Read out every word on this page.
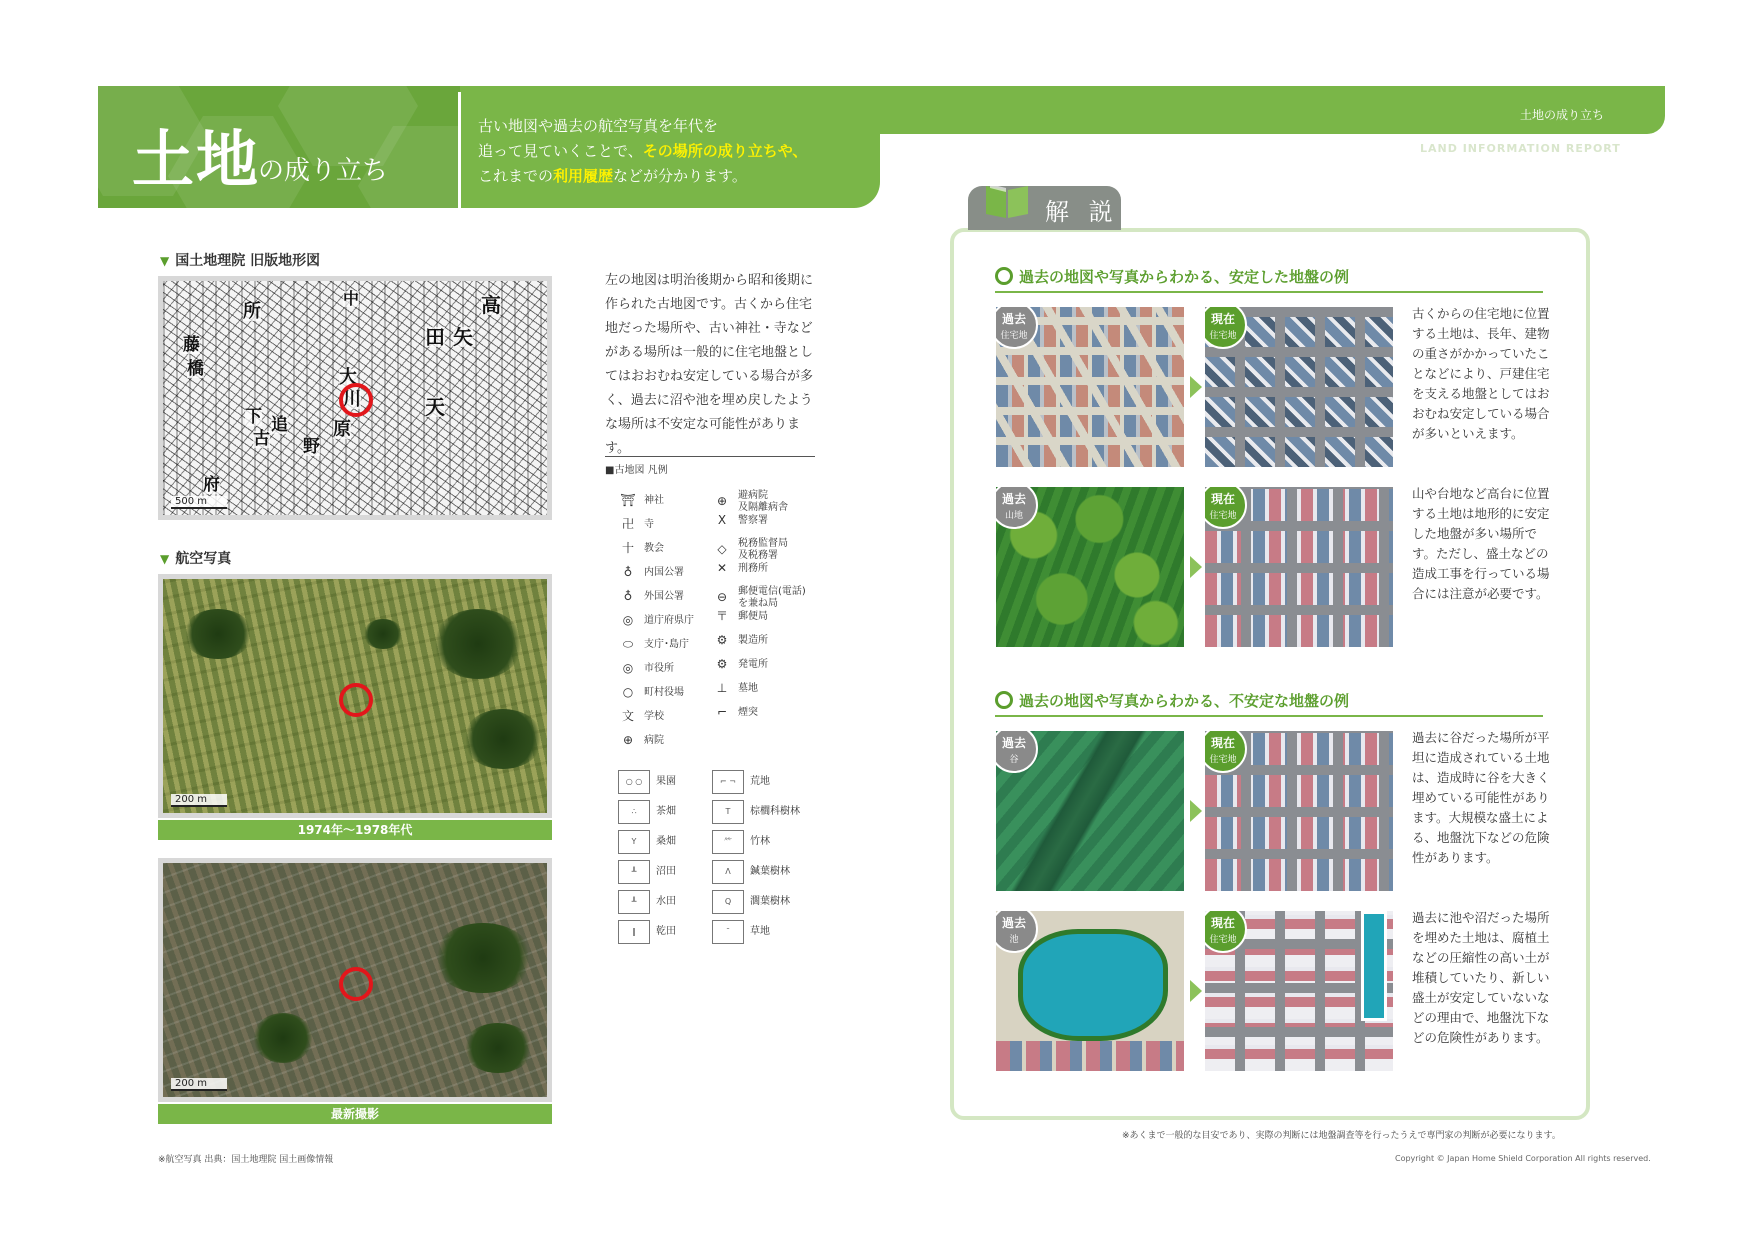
土地
の成り立ち
古い地図や過去の航空写真を年代を
追って見ていくことで、その場所の成り立ちや、
これまでの利用履歴などが分かります。
土地の成り立ち
LAND INFORMATION REPORT
▼ 国土地理院 旧版地形図
所
中	高
田 矢
藤
橋	大
川
原
下
古
府
追
天
野
500 m
▼ 航空写真
200 m
1974年〜1978年代
200 m
最新撮影
※航空写真 出典：国土地理院 国土画像情報
左の地図は明治後期から昭和後期に作られた古地図です。古くから住宅地だった場所や、古い神社・寺などがある場所は一般的に住宅地盤としてはおおむね安定している場合が多く、過去に沼や池を埋め戻したような場所は不安定な可能性があります。
■古地図 凡例
解 説
過去の地図や写真からわかる、安定した地盤の例
過去の地図や写真からわかる、不安定な地盤の例
過去
住宅地
現在
住宅地
古くからの住宅地に位置する土地は、長年、建物の重さがかかっていたことなどにより、戸建住宅を支える地盤としてはおおむね安定している場合が多いといえます。
過去
山地
現在
住宅地
山や台地など高台に位置する土地は地形的に安定した地盤が多い場所です。ただし、盛土などの造成工事を行っている場合には注意が必要です。
過去
谷
現在
住宅地
過去に谷だった場所が平坦に造成されている土地は、造成時に谷を大きく埋めている可能性があります。大規模な盛土による、地盤沈下などの危険性があります。
過去
池
現在
住宅地
過去に池や沼だった場所を埋めた土地は、腐植土などの圧縮性の高い土が堆積していたり、新しい盛土が安定していないなどの理由で、地盤沈下などの危険性があります。
※あくまで一般的な目安であり、実際の判断には地盤調査等を行ったうえで専門家の判断が必要になります。
Copyright © Japan Home Shield Corporation All rights reserved.
⛩ 神社
卍 寺
十 教会
♁ 内国公署
♁ 外国公署
◎ 道庁府県庁
⬭ 支庁･島庁
◎ 市役所
○ 町村役場
文 学校
⊕ 病院
⊕ 避病院
及隔離病舎
X 警察署
◇ 税務監督局
及税務署
✕ 刑務所
⊖ 郵便電信(電話)
を兼ね局
〒 郵便局
⚙ 製造所
⚙ 発電所
⊥ 墓地
⌐ 煙突
○ ○ 果園
∴ 茶畑
Y 桑畑
╨ 沼田
╨ 水田
‖ 乾田
⌐ ¬ 荒地
T 棕櫚科樹林
⺮ 竹林
Λ 鍼葉樹林
Q 濶葉樹林
ˉ 草地
